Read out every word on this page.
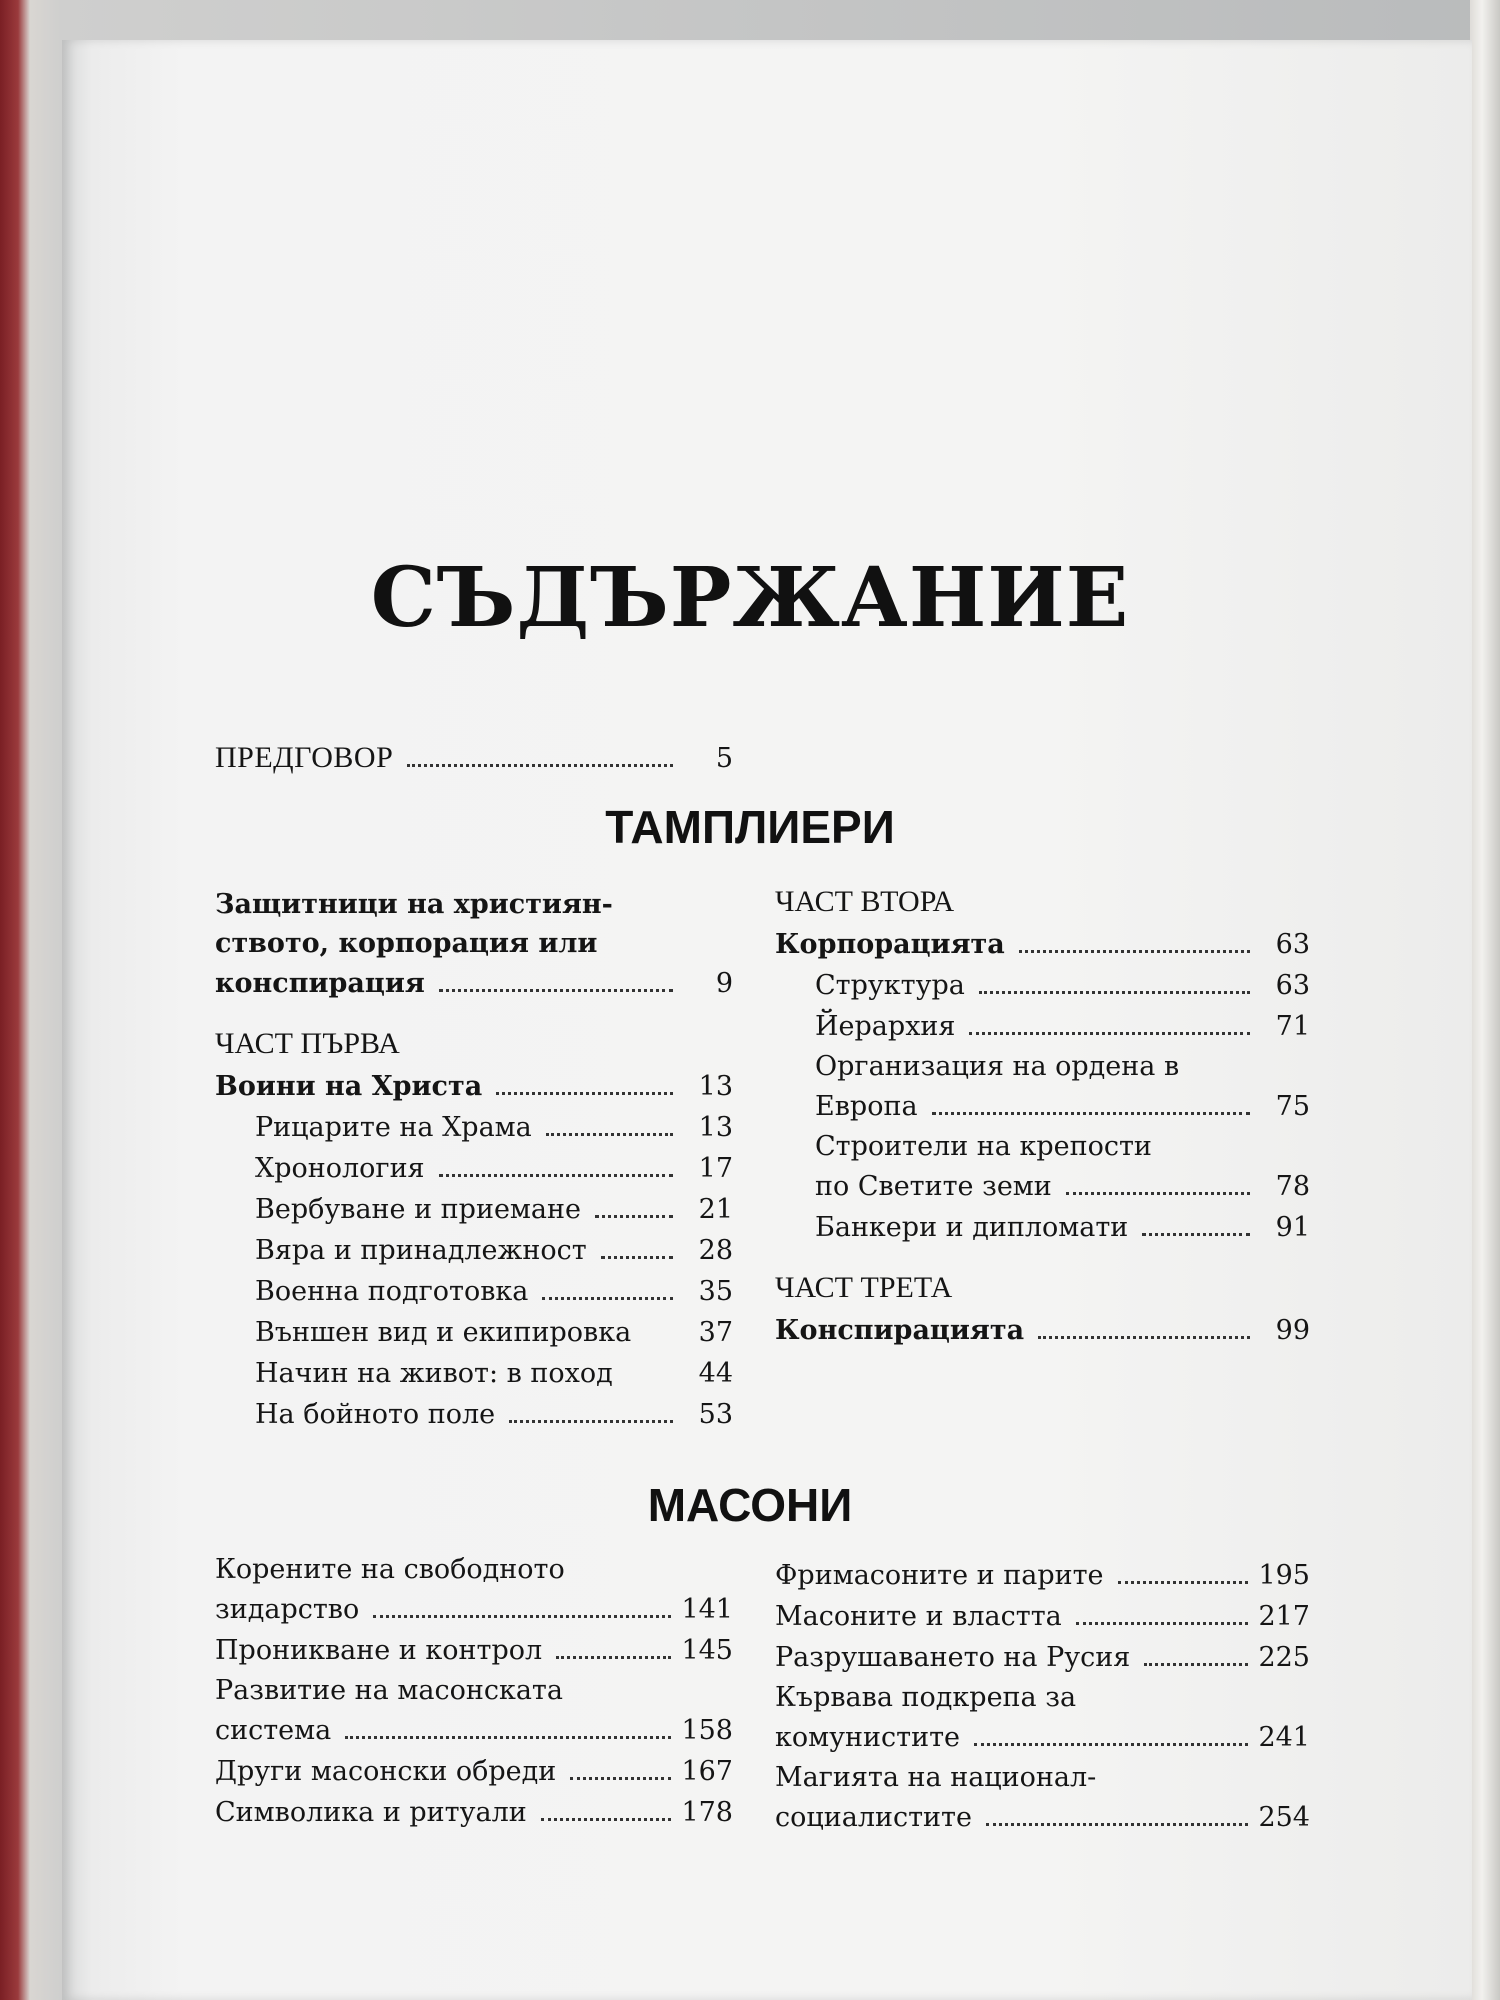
СЪДЪРЖАНИЕ
ПРЕДГОВОР	5
ТАМПЛИЕРИ
Защитници на християн-
ството, корпорация или
конспирация	9
ЧАСТ ПЪРВА
Воини на Христа	13
Рицарите на Храма	13
Хронология	17
Вербуване и приемане	21
Вяра и принадлежност	28
Военна подготовка	35
Външен вид и екипировка	37
Начин на живот: в поход	44
На бойното поле	53
ЧАСТ ВТОРА
Корпорацията	63
Структура	63
Йерархия	71
Организация на ордена в
Европа	75
Строители на крепости
по Светите земи	78
Банкери и дипломати	91
ЧАСТ ТРЕТА
Конспирацията	99
МАСОНИ
Корените на свободното
зидарство	141
Проникване и контрол	145
Развитие на масонската
система	158
Други масонски обреди	167
Символика и ритуали	178
Фримасоните и парите	195
Масоните и властта	217
Разрушаването на Русия	225
Кървава подкрепа за
комунистите	241
Магията на национал-
социалистите	254
